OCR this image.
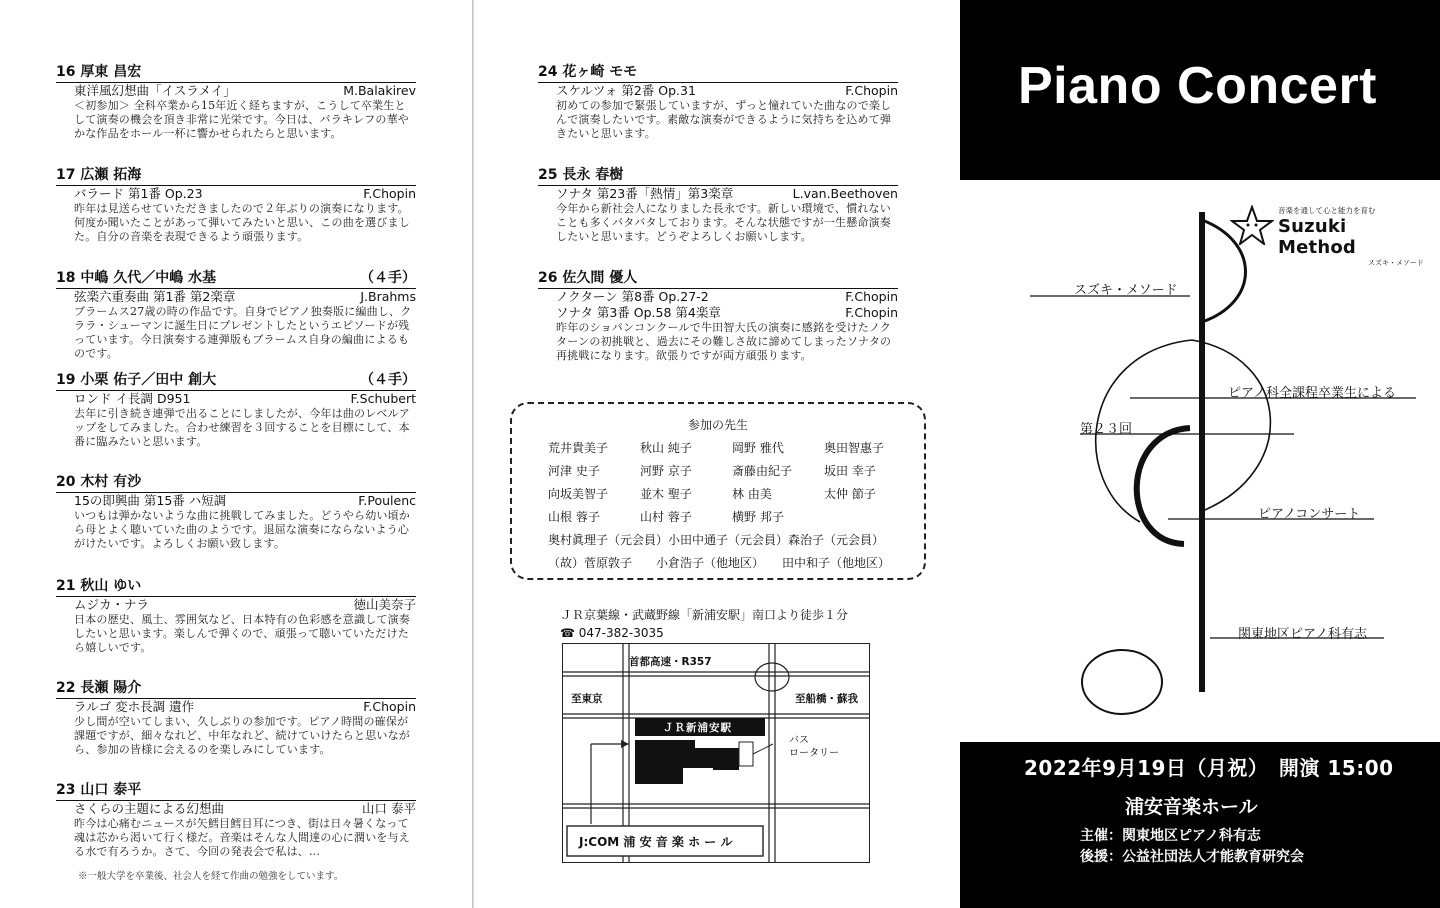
16 厚東 昌宏
東洋風幻想曲「イスラメイ」	M.Balakirev
＜初参加＞ 全科卒業から15年近く経ちますが、こうして卒業生として演奏の機会を頂き非常に光栄です。今日は、バラキレフの華やかな作品をホール一杯に響かせられたらと思います。
17 広瀬 拓海
バラード 第1番 Op.23	F.Chopin
昨年は見送らせていただきましたので２年ぶりの演奏になります。何度か聞いたことがあって弾いてみたいと思い、この曲を選びました。自分の音楽を表現できるよう頑張ります。
18 中嶋 久代／中嶋 水基	（４手）
弦楽六重奏曲 第1番 第2楽章	J.Brahms
ブラームス27歳の時の作品です。自身でピアノ独奏版に編曲し、クララ・シューマンに誕生日にプレゼントしたというエピソードが残っています。今日演奏する連弾版もブラームス自身の編曲によるものです。
19 小栗 佑子／田中 創大	（４手）
ロンド イ長調 D951	F.Schubert
去年に引き続き連弾で出ることにしましたが、今年は曲のレベルアップをしてみました。合わせ練習を３回することを目標にして、本番に臨みたいと思います。
20 木村 有沙
15の即興曲 第15番 ハ短調	F.Poulenc
いつもは弾かないような曲に挑戦してみました。どうやら幼い頃から母とよく聴いていた曲のようです。退屈な演奏にならないよう心がけたいです。よろしくお願い致します。
21 秋山 ゆい
ムジカ・ナラ	徳山美奈子
日本の歴史、風土、雰囲気など、日本特有の色彩感を意識して演奏したいと思います。楽しんで弾くので、頑張って聴いていただけたら嬉しいです。
22 長瀬 陽介
ラルゴ 変ホ長調 遺作	F.Chopin
少し間が空いてしまい、久しぶりの参加です。ピアノ時間の確保が課題ですが、細々なれど、中年なれど、続けていけたらと思いながら、参加の皆様に会えるのを楽しみにしています。
23 山口 泰平
さくらの主題による幻想曲	山口 泰平
昨今は心痛むニュースが矢鱈目鱈目耳につき、街は日々暑くなって魂は芯から渇いて行く様だ。音楽はそんな人間達の心に潤いを与える水で有ろうか。さて、今回の発表会で私は、…
※一般大学を卒業後、社会人を経て作曲の勉強をしています。
24 花ヶ崎 モモ
スケルツォ 第2番 Op.31	F.Chopin
初めての参加で緊張していますが、ずっと憧れていた曲なので楽しんで演奏したいです。素敵な演奏ができるように気持ちを込めて弾きたいと思います。
25 長永 春樹
ソナタ 第23番「熱情」第3楽章	L.van.Beethoven
今年から新社会人になりました長永です。新しい環境で、慣れないことも多くバタバタしております。そんな状態ですが一生懸命演奏したいと思います。どうぞよろしくお願いします。
26 佐久間 優人
ノクターン 第8番 Op.27-2	F.Chopin
ソナタ 第3番 Op.58 第4楽章	F.Chopin
昨年のショパンコンクールで牛田智大氏の演奏に感銘を受けたノクターンの初挑戦と、過去にその難しさ故に諦めてしまったソナタの再挑戦になります。欲張りですが両方頑張ります。
参加の先生
荒井貴美子	秋山 純子	岡野 雅代	奥田智惠子
河津 史子	河野 京子	斎藤由紀子	坂田 幸子
向坂美智子	並木 聖子	林 由美	太仲 節子
山根 蓉子	山村 蓉子	横野 邦子
奥村眞理子（元会員）小田中通子（元会員）森治子（元会員）
（故）菅原敦子　　小倉浩子（他地区）　　田中和子（他地区）
ＪＲ京葉線・武蔵野線「新浦安駅」南口より徒歩１分
☎ 047-382-3035
首都高速・R357
至東京	至船橋・蘇我
ＪＲ新浦安駅
バス
ロータリー
J:COM 浦 安 音 楽 ホ ー ル
Piano Concert
音楽を通して心と能力を育む
Suzuki Method
スズキ・メソード
スズキ・メソード
ピアノ科全課程卒業生による
第２３回
ピアノコンサート
関東地区ピアノ科有志
2022年9月19日（月祝）　開演 15:00
浦安音楽ホール
主催：関東地区ピアノ科有志
後援：公益社団法人才能教育研究会
